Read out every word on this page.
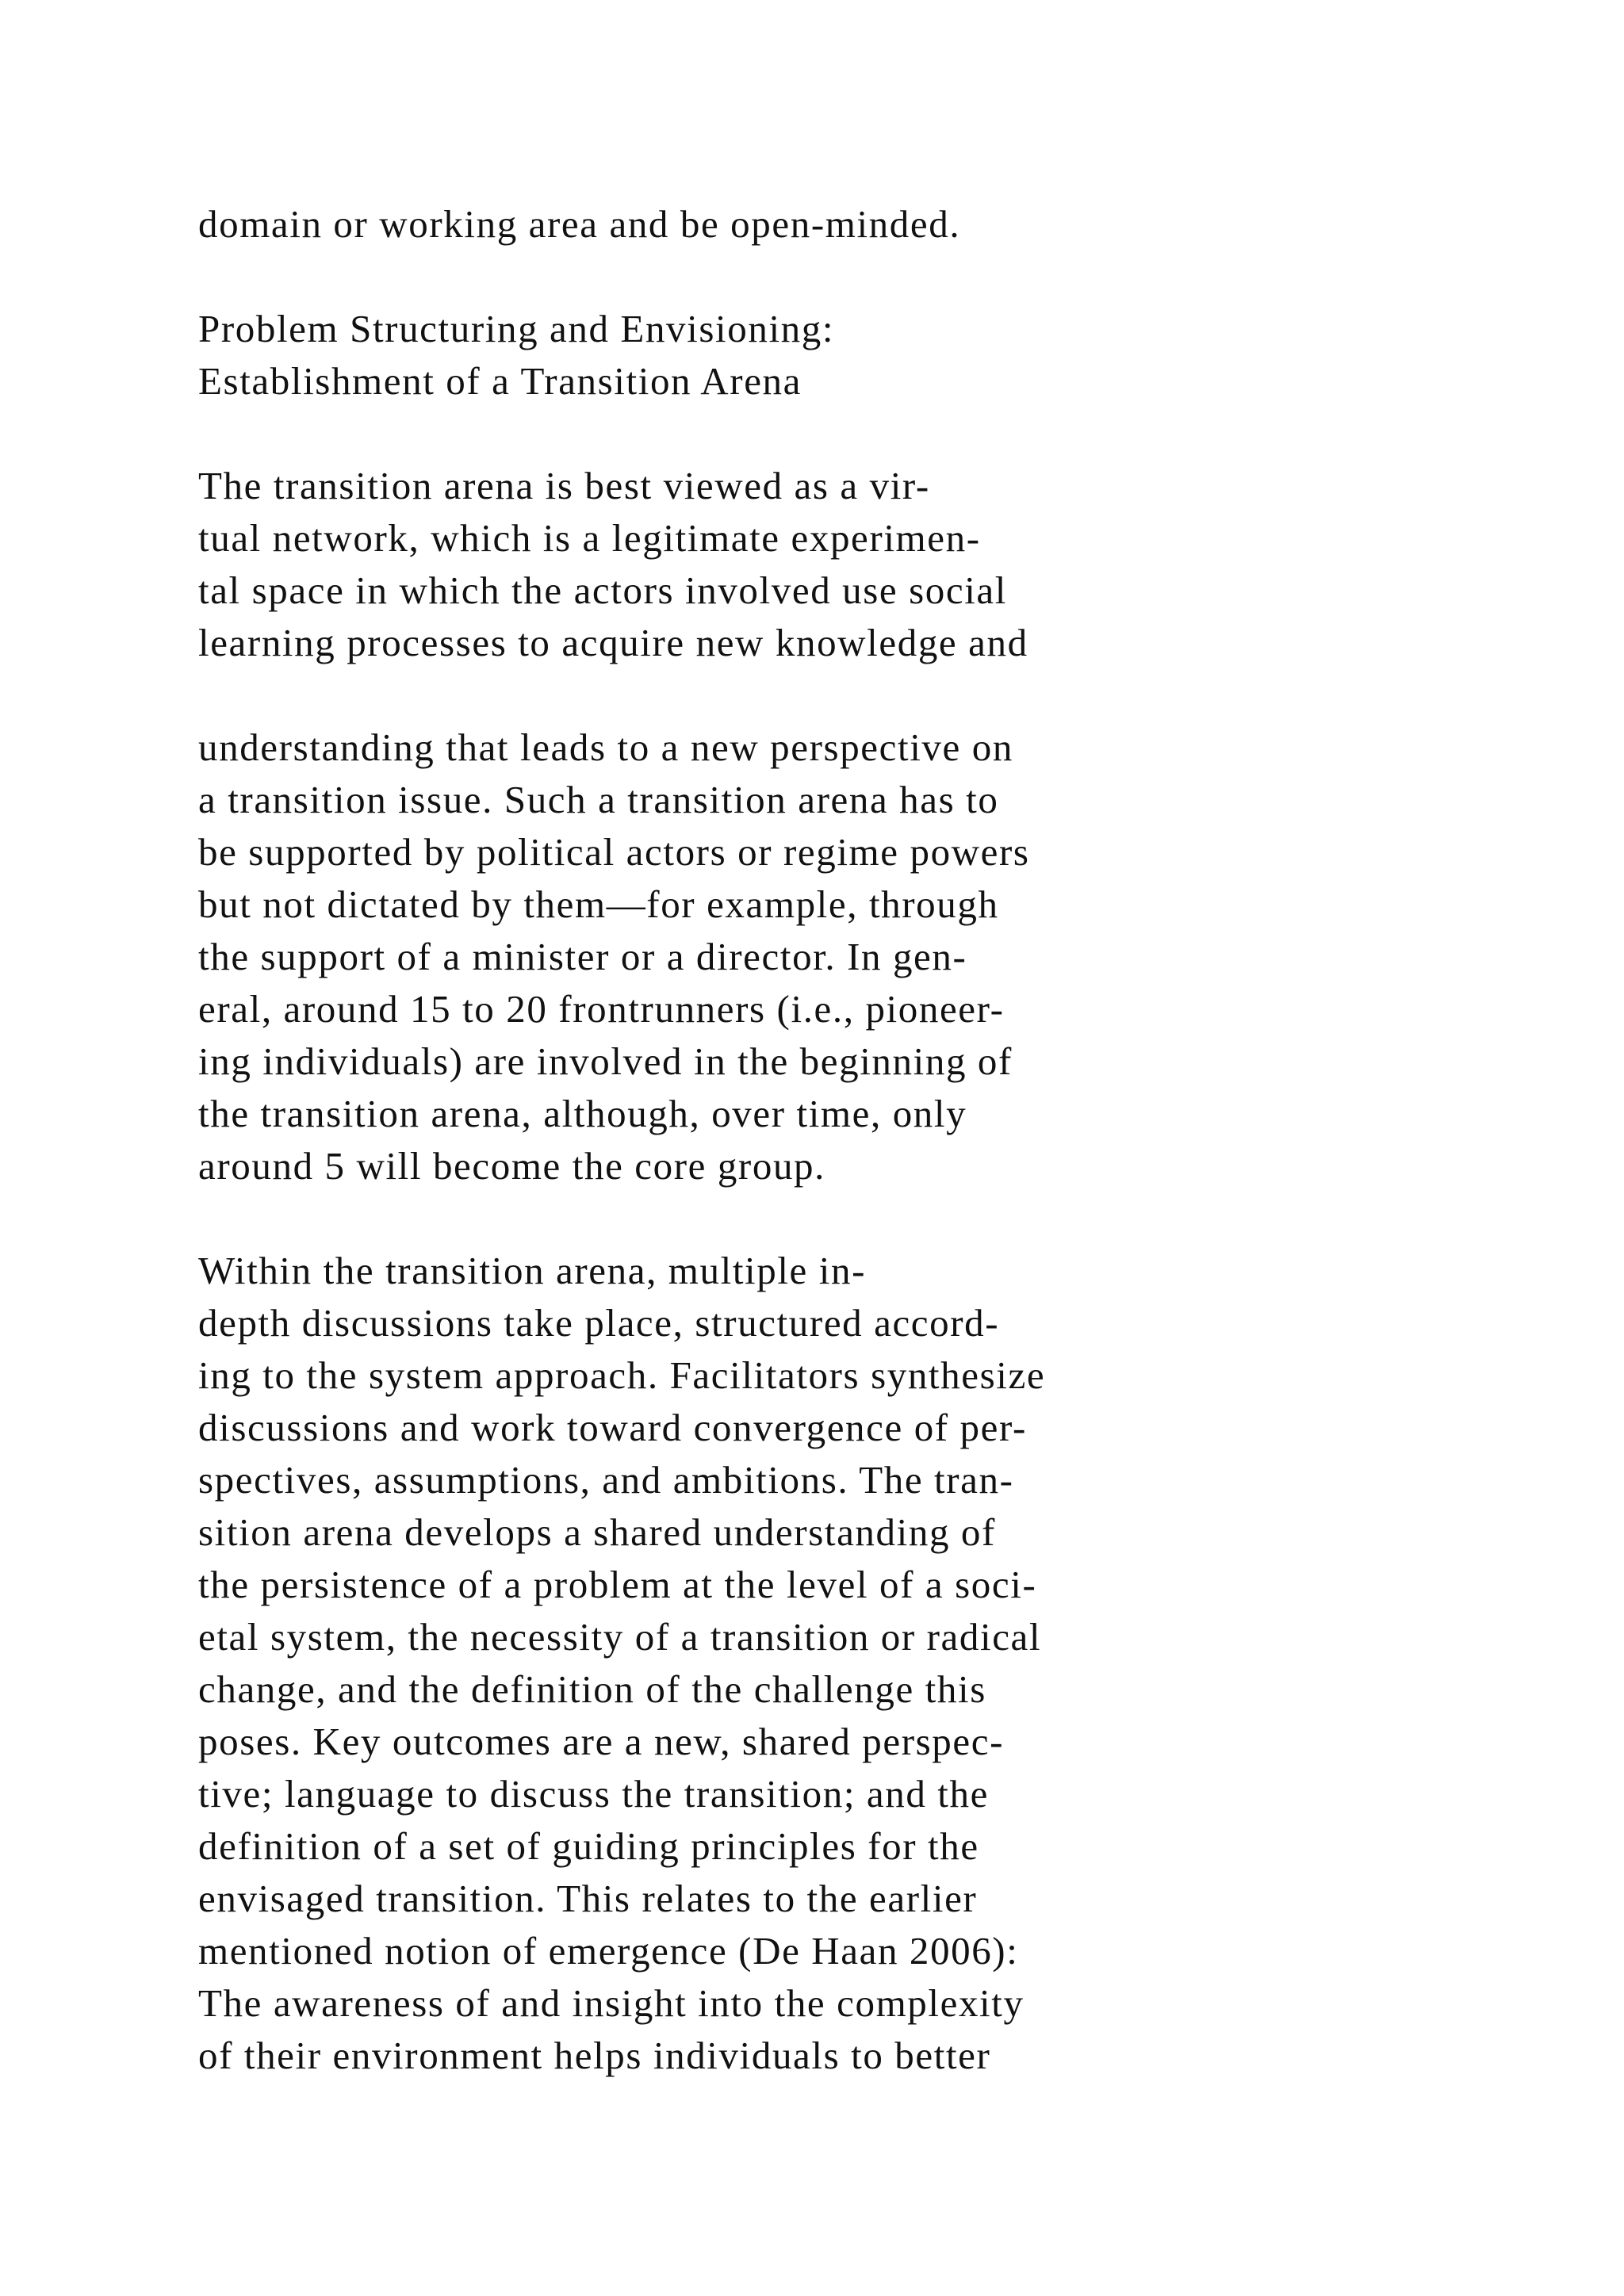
domain or working area and be open-minded.
Problem Structuring and Envisioning:
Establishment of a Transition Arena
The transition arena is best viewed as a vir-
tual network, which is a legitimate experimen-
tal space in which the actors involved use social
learning processes to acquire new knowledge and
understanding that leads to a new perspective on
a transition issue. Such a transition arena has to
be supported by political actors or regime powers
but not dictated by them—for example, through
the support of a minister or a director. In gen-
eral, around 15 to 20 frontrunners (i.e., pioneer-
ing individuals) are involved in the beginning of
the transition arena, although, over time, only
around 5 will become the core group.
Within the transition arena, multiple in-
depth discussions take place, structured accord-
ing to the system approach. Facilitators synthesize
discussions and work toward convergence of per-
spectives, assumptions, and ambitions. The tran-
sition arena develops a shared understanding of
the persistence of a problem at the level of a soci-
etal system, the necessity of a transition or radical
change, and the definition of the challenge this
poses. Key outcomes are a new, shared perspec-
tive; language to discuss the transition; and the
definition of a set of guiding principles for the
envisaged transition. This relates to the earlier
mentioned notion of emergence (De Haan 2006):
The awareness of and insight into the complexity
of their environment helps individuals to better
